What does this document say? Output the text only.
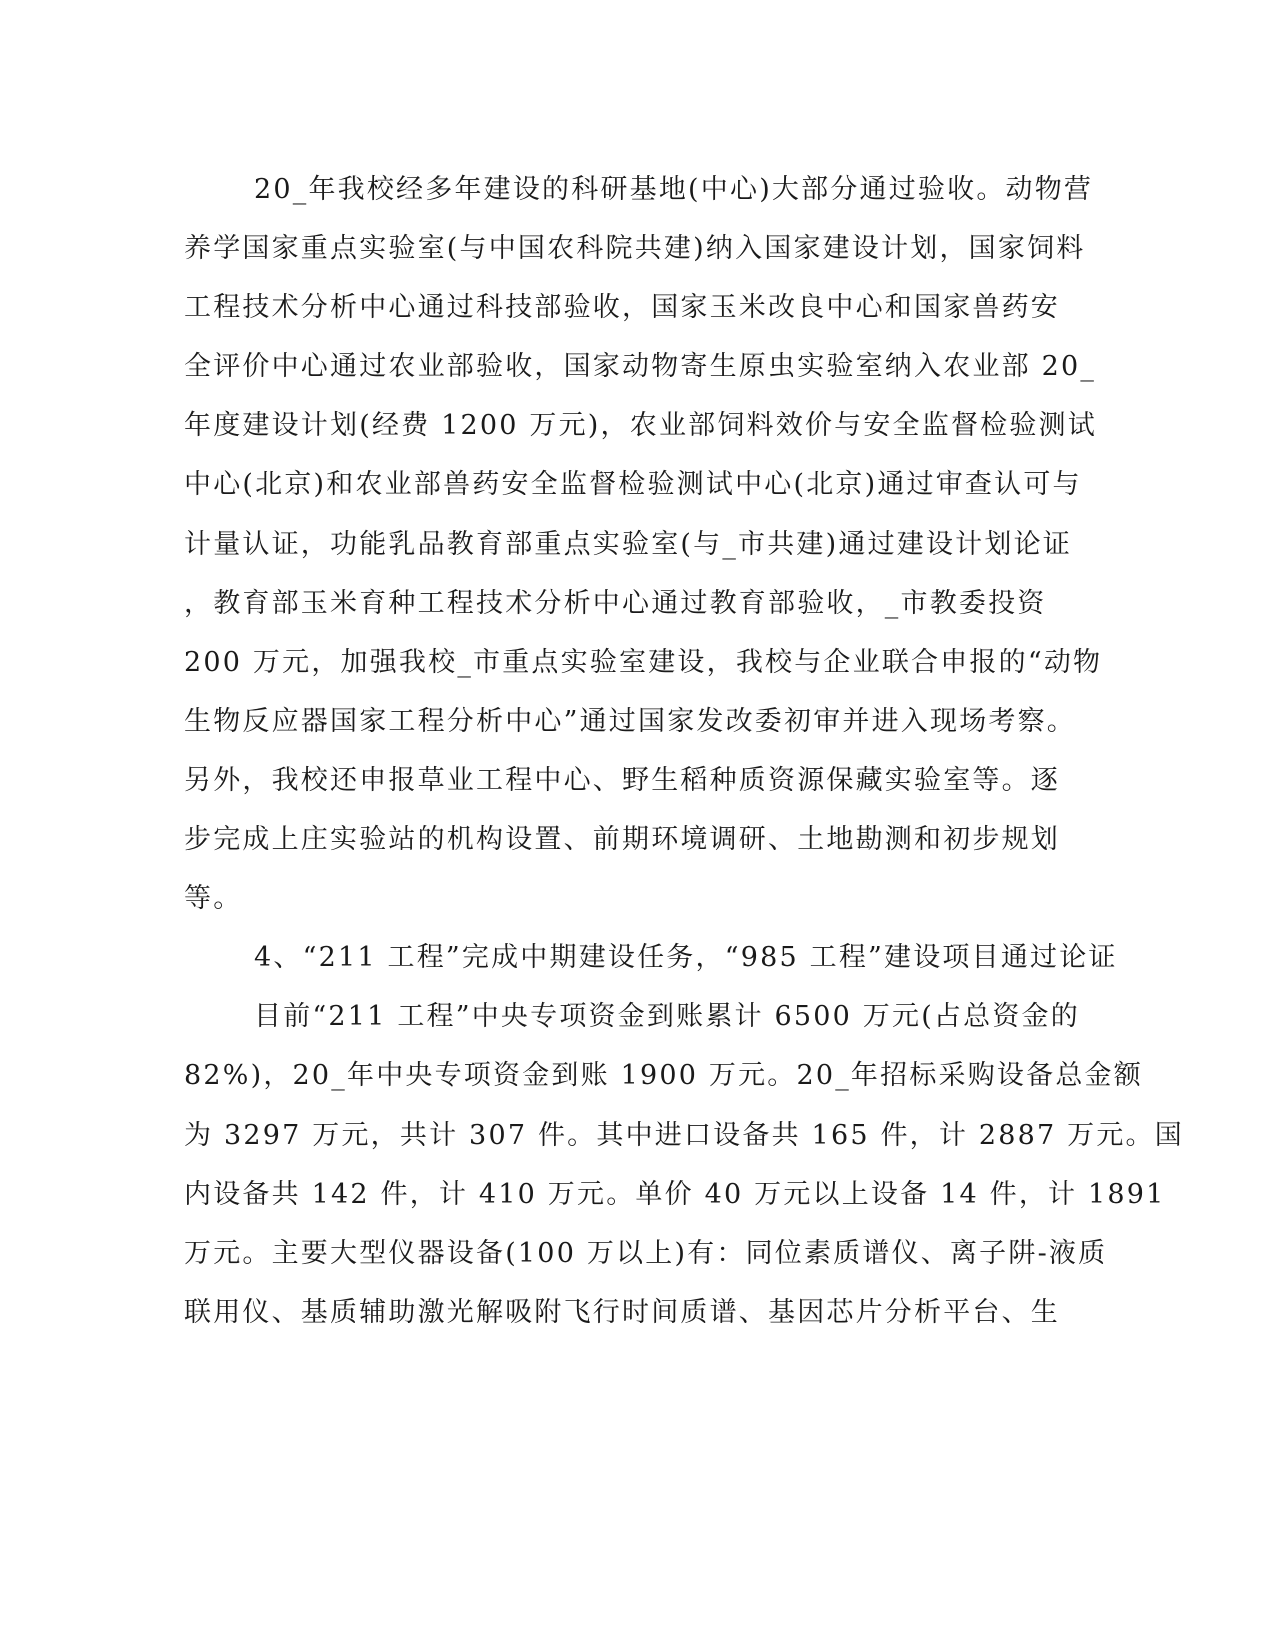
20_年我校经多年建设的科研基地(中心)大部分通过验收。动物营
养学国家重点实验室(与中国农科院共建)纳入国家建设计划，国家饲料
工程技术分析中心通过科技部验收，国家玉米改良中心和国家兽药安
全评价中心通过农业部验收，国家动物寄生原虫实验室纳入农业部 20_
年度建设计划(经费 1200 万元)，农业部饲料效价与安全监督检验测试
中心(北京)和农业部兽药安全监督检验测试中心(北京)通过审查认可与
计量认证，功能乳品教育部重点实验室(与_市共建)通过建设计划论证
，教育部玉米育种工程技术分析中心通过教育部验收，_市教委投资
200 万元，加强我校_市重点实验室建设，我校与企业联合申报的“动物
生物反应器国家工程分析中心”通过国家发改委初审并进入现场考察。
另外，我校还申报草业工程中心、野生稻种质资源保藏实验室等。逐
步完成上庄实验站的机构设置、前期环境调研、土地勘测和初步规划
等。
4、“211 工程”完成中期建设任务，“985 工程”建设项目通过论证
目前“211 工程”中央专项资金到账累计 6500 万元(占总资金的
82%)，20_年中央专项资金到账 1900 万元。20_年招标采购设备总金额
为 3297 万元，共计 307 件。其中进口设备共 165 件，计 2887 万元。国
内设备共 142 件，计 410 万元。单价 40 万元以上设备 14 件，计 1891
万元。主要大型仪器设备(100 万以上)有：同位素质谱仪、离子阱-液质
联用仪、基质辅助激光解吸附飞行时间质谱、基因芯片分析平台、生
